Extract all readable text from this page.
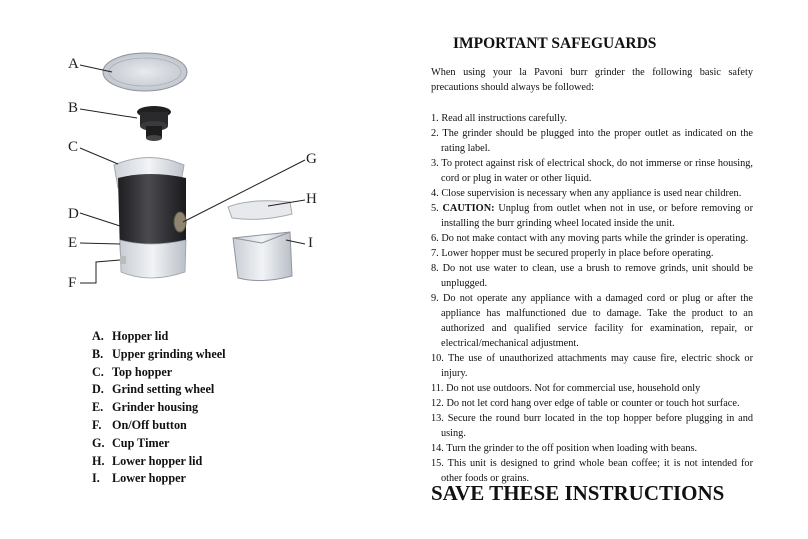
A
B
C
G
H
D
E	I
F
A. Hopper lid
B. Upper grinding wheel
C. Top hopper
D. Grind setting wheel
E. Grinder housing
F. On/Off button
G. Cup Timer
H. Lower hopper lid
I. Lower hopper
IMPORTANT SAFEGUARDS

When using your la Pavoni burr grinder the following basic safety precautions should always be followed:

1. Read all instructions carefully.
2. The grinder should be plugged into the proper outlet as indicated on the rating label.
3. To protect against risk of electrical shock, do not immerse or rinse housing, cord or plug in water or other liquid.
4. Close supervision is necessary when any appliance is used near children.
5. CAUTION: Unplug from outlet when not in use, or before removing or installing the burr grinding wheel located inside the unit.
6. Do not make contact with any moving parts while the grinder is operating.
7. Lower hopper must be secured properly in place before operating.
8. Do not use water to clean, use a brush to remove grinds, unit should be unplugged.
9. Do not operate any appliance with a damaged cord or plug or after the appliance has malfunctioned due to damage. Take the product to an authorized and qualified service facility for examination, repair, or electrical/mechanical adjustment.
10. The use of unauthorized attachments may cause fire, electric shock or injury.
11. Do not use outdoors. Not for commercial use, household only
12. Do not let cord hang over edge of table or counter or touch hot surface.
13. Secure the round burr located in the top hopper before plugging in and using.
14. Turn the grinder to the off position when loading with beans.
15. This unit is designed to grind whole bean coffee; it is not intended for other foods or grains.
SAVE THESE INSTRUCTIONS
